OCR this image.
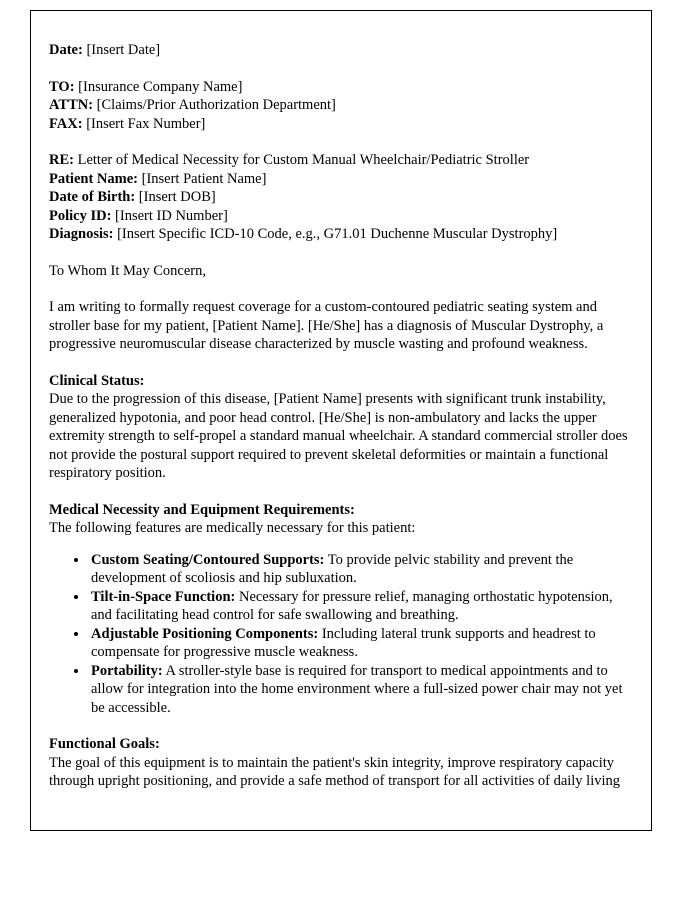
Date: [Insert Date]

TO: [Insurance Company Name]

ATTN: [Claims/Prior Authorization Department]

FAX: [Insert Fax Number]

RE: Letter of Medical Necessity for Custom Manual Wheelchair/Pediatric Stroller

Patient Name: [Insert Patient Name]

Date of Birth: [Insert DOB]

Policy ID: [Insert ID Number]

Diagnosis: [Insert Specific ICD-10 Code, e.g., G71.01 Duchenne Muscular Dystrophy]

To Whom It May Concern,

I am writing to formally request coverage for a custom-contoured pediatric seating system and stroller base for my patient, [Patient Name]. [He/She] has a diagnosis of Muscular Dystrophy, a progressive neuromuscular disease characterized by muscle wasting and profound weakness.

Clinical Status:

Due to the progression of this disease, [Patient Name] presents with significant trunk instability, generalized hypotonia, and poor head control. [He/She] is non-ambulatory and lacks the upper extremity strength to self-propel a standard manual wheelchair. A standard commercial stroller does not provide the postural support required to prevent skeletal deformities or maintain a functional respiratory position.

Medical Necessity and Equipment Requirements:

The following features are medically necessary for this patient:

• Custom Seating/Contoured Supports: To provide pelvic stability and prevent the development of scoliosis and hip subluxation.
• Tilt-in-Space Function: Necessary for pressure relief, managing orthostatic hypotension, and facilitating head control for safe swallowing and breathing.
• Adjustable Positioning Components: Including lateral trunk supports and headrest to compensate for progressive muscle weakness.
• Portability: A stroller-style base is required for transport to medical appointments and to allow for integration into the home environment where a full-sized power chair may not yet be accessible.

Functional Goals:

The goal of this equipment is to maintain the patient's skin integrity, improve respiratory capacity through upright positioning, and provide a safe method of transport for all activities of daily living
